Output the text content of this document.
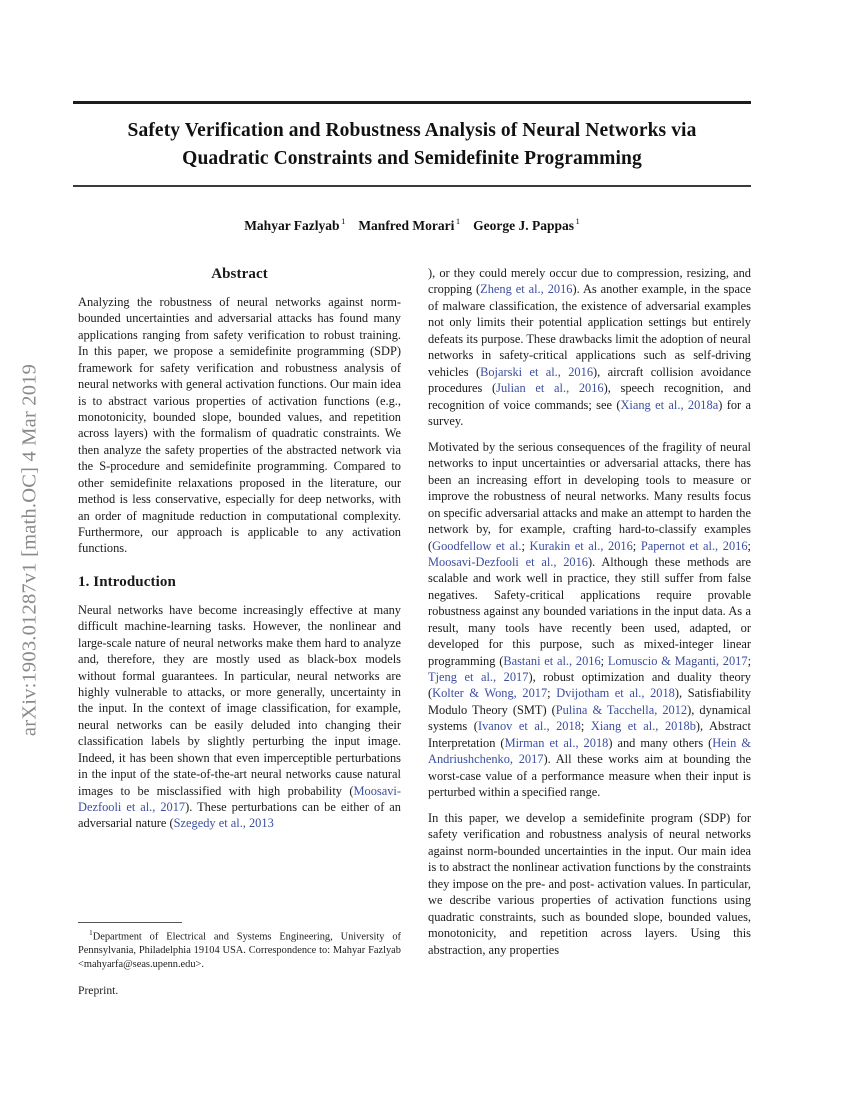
arXiv:1903.01287v1 [math.OC] 4 Mar 2019
Safety Verification and Robustness Analysis of Neural Networks via
Quadratic Constraints and Semidefinite Programming
Mahyar Fazlyab $^1$ Manfred Morari $^1$ George J. Pappas $^1$
Abstract

Analyzing the robustness of neural networks against norm-bounded uncertainties and adversarial attacks has found many applications ranging from safety verification to robust training. In this paper, we propose a semidefinite programming (SDP) framework for safety verification and robustness analysis of neural networks with general activation functions. Our main idea is to abstract various properties of activation functions (e.g., monotonicity, bounded slope, bounded values, and repetition across layers) with the formalism of quadratic constraints. We then analyze the safety properties of the abstracted network via the S-procedure and semidefinite programming. Compared to other semidefinite relaxations proposed in the literature, our method is less conservative, especially for deep networks, with an order of magnitude reduction in computational complexity. Furthermore, our approach is applicable to any activation functions.

1. Introduction

Neural networks have become increasingly effective at many difficult machine-learning tasks. However, the nonlinear and large-scale nature of neural networks make them hard to analyze and, therefore, they are mostly used as black-box models without formal guarantees. In particular, neural networks are highly vulnerable to attacks, or more generally, uncertainty in the input. In the context of image classification, for example, neural networks can be easily deluded into changing their classification labels by slightly perturbing the input image. Indeed, it has been shown that even imperceptible perturbations in the input of the state-of-the-art neural networks cause natural images to be misclassified with high probability (Moosavi-Dezfooli et al., 2017). These perturbations can be either of an adversarial nature (Szegedy et al., 2013

), or they could merely occur due to compression, resizing, and cropping (Zheng et al., 2016). As another example, in the space of malware classification, the existence of adversarial examples not only limits their potential application settings but entirely defeats its purpose. These drawbacks limit the adoption of neural networks in safety-critical applications such as self-driving vehicles (Bojarski et al., 2016), aircraft collision avoidance procedures (Julian et al., 2016), speech recognition, and recognition of voice commands; see (Xiang et al., 2018a) for a survey.

Motivated by the serious consequences of the fragility of neural networks to input uncertainties or adversarial attacks, there has been an increasing effort in developing tools to measure or improve the robustness of neural networks. Many results focus on specific adversarial attacks and make an attempt to harden the network by, for example, crafting hard-to-classify examples (Goodfellow et al.; Kurakin et al., 2016; Papernot et al., 2016; Moosavi-Dezfooli et al., 2016). Although these methods are scalable and work well in practice, they still suffer from false negatives. Safety-critical applications require provable robustness against any bounded variations in the input data. As a result, many tools have recently been used, adapted, or developed for this purpose, such as mixed-integer linear programming (Bastani et al., 2016; Lomuscio & Maganti, 2017; Tjeng et al., 2017), robust optimization and duality theory (Kolter & Wong, 2017; Dvijotham et al., 2018), Satisfiability Modulo Theory (SMT) (Pulina & Tacchella, 2012), dynamical systems (Ivanov et al., 2018; Xiang et al., 2018b), Abstract Interpretation (Mirman et al., 2018) and many others (Hein & Andriushchenko, 2017). All these works aim at bounding the worst-case value of a performance measure when their input is perturbed within a specified range.

In this paper, we develop a semidefinite program (SDP) for safety verification and robustness analysis of neural networks against norm-bounded uncertainties in the input. Our main idea is to abstract the nonlinear activation functions by the constraints they impose on the pre- and post- activation values. In particular, we describe various properties of activation functions using quadratic constraints, such as bounded slope, bounded values, monotonicity, and repetition across layers. Using this abstraction, any properties

$^1$Department of Electrical and Systems Engineering, University of Pennsylvania, Philadelphia 19104 USA. Correspondence to: Mahyar Fazlyab <mahyarfa@seas.upenn.edu>.
Preprint.
